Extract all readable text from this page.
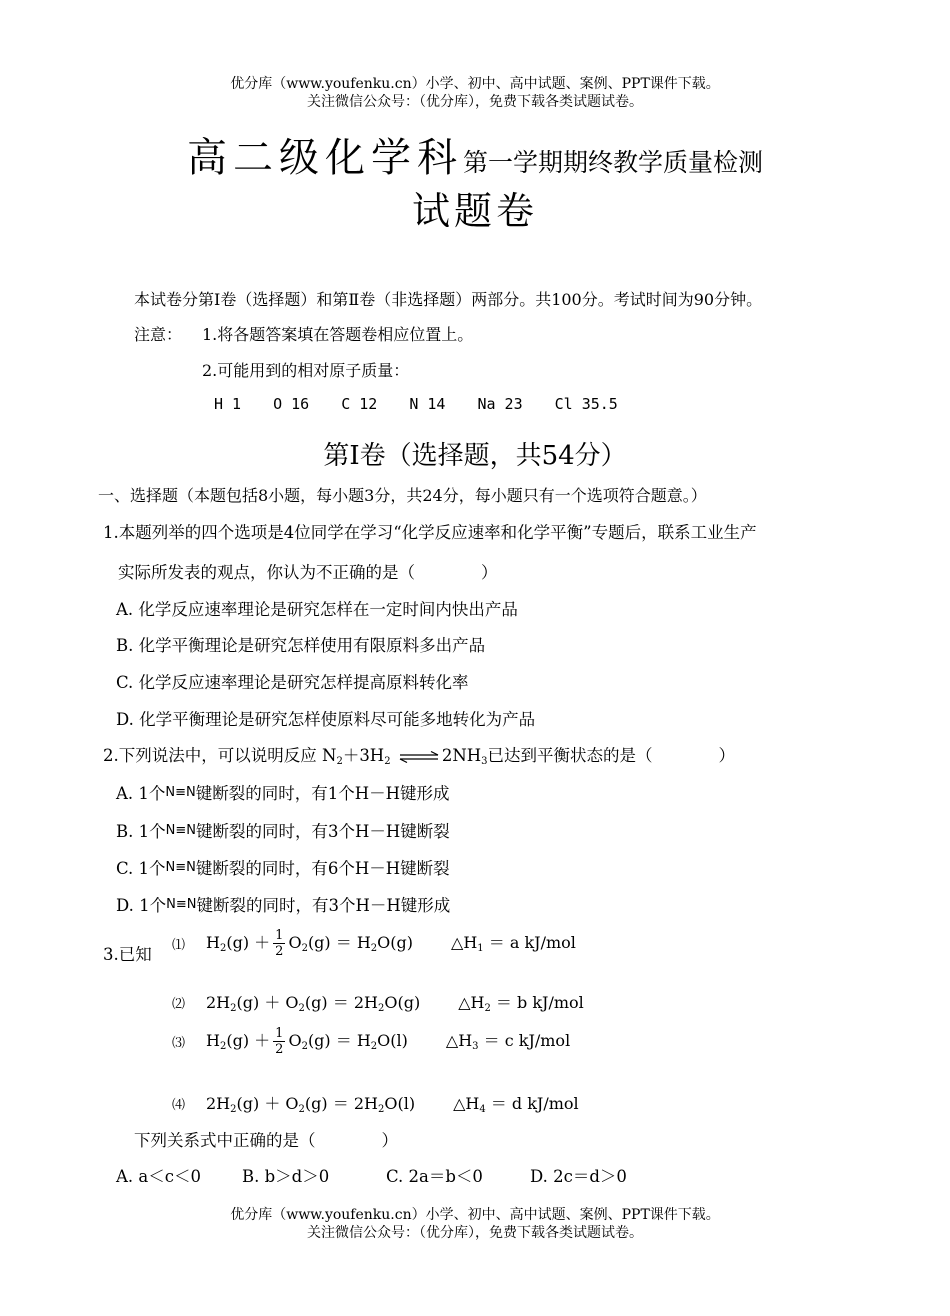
优分库（www.youfenku.cn）小学、初中、高中试题、案例、PPT课件下载。
关注微信公众号：（优分库），免费下载各类试题试卷。
高二级化学科第一学期期终教学质量检测
试题卷
本试卷分第Ⅰ卷（选择题）和第Ⅱ卷（非选择题）两部分。共100分。考试时间为90分钟。
注意： 1.将各题答案填在答题卷相应位置上。
2.可能用到的相对原子质量：
H 1 O 16 C 12 N 14 Na 23 Cl 35.5
第Ⅰ卷（选择题，共54分）
一、选择题（本题包括8小题，每小题3分，共24分，每小题只有一个选项符合题意。）
1.本题列举的四个选项是4位同学在学习“化学反应速率和化学平衡”专题后，联系工业生产
实际所发表的观点，你认为不正确的是（　　　　）
A. 化学反应速率理论是研究怎样在一定时间内快出产品
B. 化学平衡理论是研究怎样使用有限原料多出产品
C. 化学反应速率理论是研究怎样提高原料转化率
D. 化学平衡理论是研究怎样使原料尽可能多地转化为产品
2.下列说法中，可以说明反应 $N_2+3H_2$ ⇌ $2NH_3$已达到平衡状态的是（　　　　）
A. 1个N≡N键断裂的同时，有1个H－H键形成
B. 1个N≡N键断裂的同时，有3个H－H键断裂
C. 1个N≡N键断裂的同时，有6个H－H键断裂
D. 1个N≡N键断裂的同时，有3个H－H键形成
3.已知 ⑴ $H_2(g) + \frac{1}{2} O_2(g) = H_2O(g)$ $\triangle H_1 = a$ kJ/mol
⑵ $2H_2(g) + O_2(g) = 2H_2O(g)$ $\triangle H_2 = b$ kJ/mol
⑶ $H_2(g) + \frac{1}{2} O_2(g) = H_2O(l)$ $\triangle H_3 = c$ kJ/mol
⑷ $2H_2(g) + O_2(g) = 2H_2O(l)$ $\triangle H_4 = d$ kJ/mol
下列关系式中正确的是（　　　　）
A. a＜c＜0 B. b＞d＞0	C. 2a＝b＜0	D. 2c＝d＞0
优分库（www.youfenku.cn）小学、初中、高中试题、案例、PPT课件下载。
关注微信公众号：（优分库），免费下载各类试题试卷。
